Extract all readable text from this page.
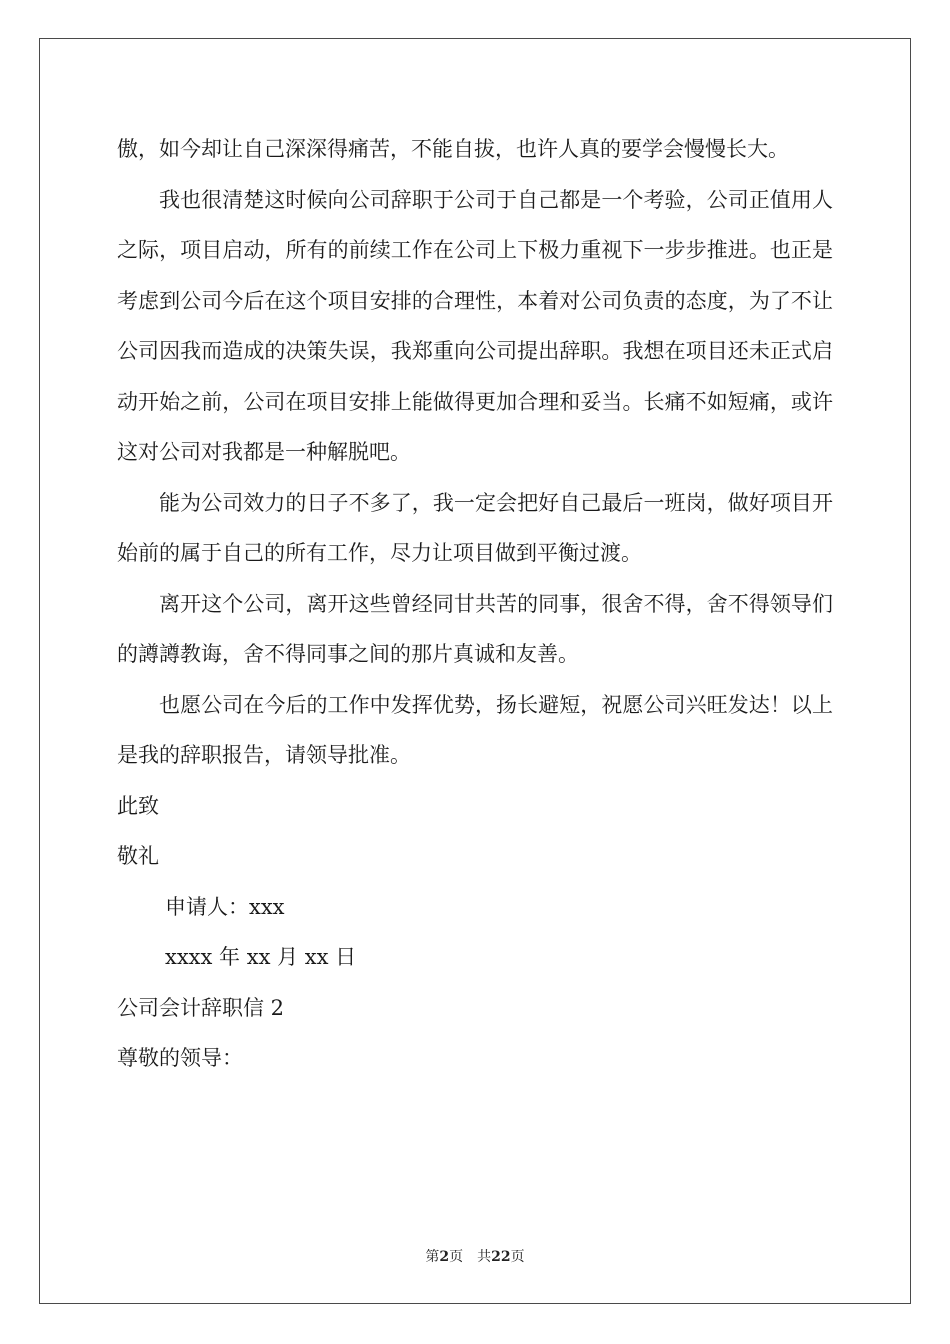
傲，如今却让自己深深得痛苦，不能自拔，也许人真的要学会慢慢长大。

我也很清楚这时候向公司辞职于公司于自己都是一个考验，公司正值用人之际，项目启动，所有的前续工作在公司上下极力重视下一步步推进。也正是考虑到公司今后在这个项目安排的合理性，本着对公司负责的态度，为了不让公司因我而造成的决策失误，我郑重向公司提出辞职。我想在项目还未正式启动开始之前，公司在项目安排上能做得更加合理和妥当。长痛不如短痛，或许这对公司对我都是一种解脱吧。

能为公司效力的日子不多了，我一定会把好自己最后一班岗，做好项目开始前的属于自己的所有工作，尽力让项目做到平衡过渡。

离开这个公司，离开这些曾经同甘共苦的同事，很舍不得，舍不得领导们的譐譐教诲，舍不得同事之间的那片真诚和友善。

也愿公司在今后的工作中发挥优势，扬长避短，祝愿公司兴旺发达！以上是我的辞职报告，请领导批准。

此致

敬礼

申请人：xxx

xxxx 年 xx 月 xx 日

公司会计辞职信 2

尊敬的领导：

第2页　共22页
